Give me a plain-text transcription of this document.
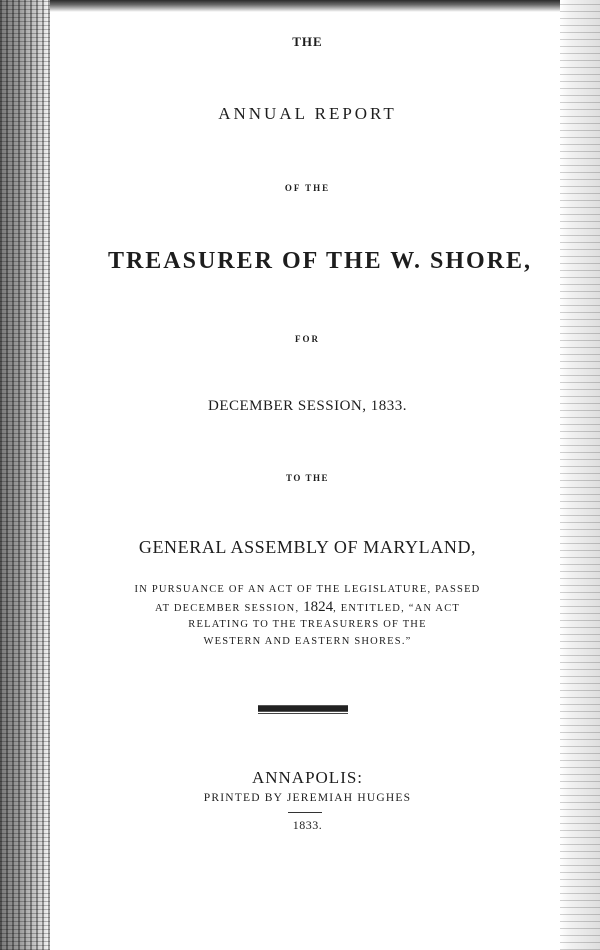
THE
ANNUAL REPORT
OF THE
TREASURER OF THE W. SHORE,
FOR
DECEMBER SESSION, 1833.
TO THE
GENERAL ASSEMBLY OF MARYLAND,
IN PURSUANCE OF AN ACT OF THE LEGISLATURE, PASSED
AT DECEMBER SESSION, 1824, ENTITLED, “AN ACT
RELATING TO THE TREASURERS OF THE
WESTERN AND EASTERN SHORES.”
ANNAPOLIS:
PRINTED BY JEREMIAH HUGHES
1833.
